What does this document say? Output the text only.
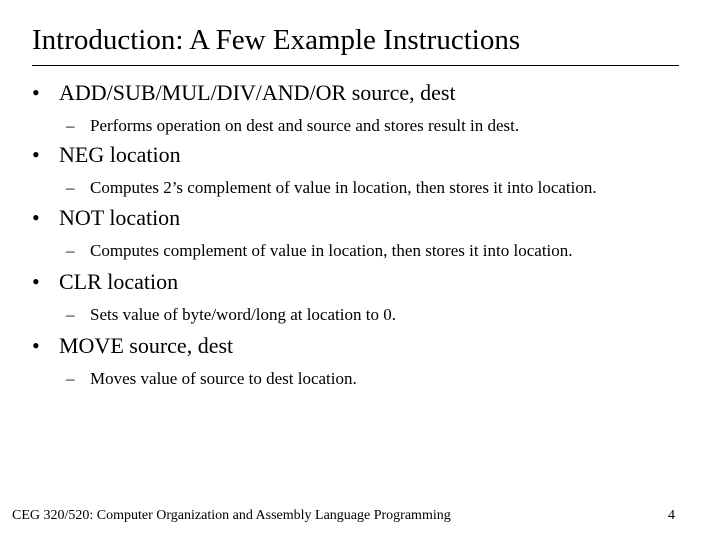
Introduction: A Few Example Instructions
• ADD/SUB/MUL/DIV/AND/OR source, dest
– Performs operation on dest and source and stores result in dest.
• NEG location
– Computes 2’s complement of value in location, then stores it into location.
• NOT location
– Computes complement of value in location, then stores it into location.
• CLR location
– Sets value of byte/word/long at location to 0.
• MOVE source, dest
– Moves value of source to dest location.
CEG 320/520: Computer Organization and Assembly Language Programming	4
